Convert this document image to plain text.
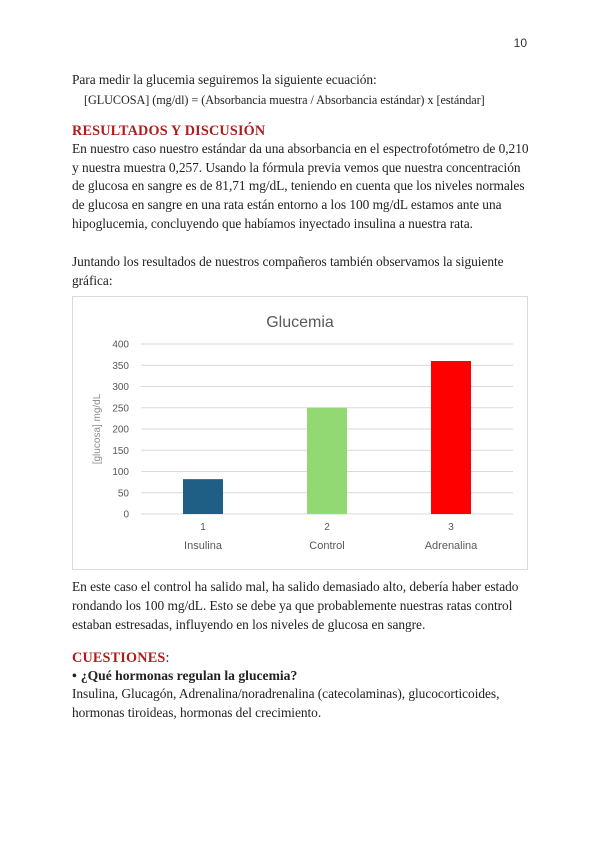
10

Para medir la glucemia seguiremos la siguiente ecuación:

[GLUCOSA] (mg/dl) = (Absorbancia muestra / Absorbancia estándar) x [estándar]

RESULTADOS Y DISCUSIÓN

En nuestro caso nuestro estándar da una absorbancia en el espectrofotómetro de 0,210 y nuestra muestra 0,257. Usando la fórmula previa vemos que nuestra concentración de glucosa en sangre es de 81,71 mg/dL, teniendo en cuenta que los niveles normales de glucosa en sangre en una rata están entorno a los 100 mg/dL estamos ante una hipoglucemia, concluyendo que habíamos inyectado insulina a nuestra rata.

Juntando los resultados de nuestros compañeros también observamos la siguiente gráfica:

Glucemia
[glucosa] mg/dL
0
50
100
150
200
250
300
350
400
1
Insulina
2
Control
3
Adrenalina

En este caso el control ha salido mal, ha salido demasiado alto, debería haber estado rondando los 100 mg/dL. Esto se debe ya que probablemente nuestras ratas control estaban estresadas, influyendo en los niveles de glucosa en sangre.

CUESTIONES:
• ¿Qué hormonas regulan la glucemia?

Insulina, Glucagón, Adrenalina/noradrenalina (catecolaminas), glucocorticoides, hormonas tiroideas, hormonas del crecimiento.
